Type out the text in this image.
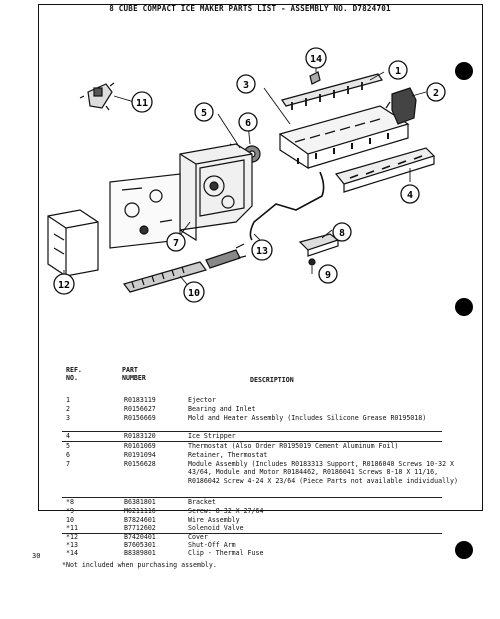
8 CUBE COMPACT ICE MAKER PARTS LIST - ASSEMBLY NO. D7824701
1
2
3
4
5
6
7
8
9
10
11
12
13
14
REF.
NO.
PART
NUMBER	DESCRIPTION
1	R0183119	Ejector
2	R0156627	Bearing and Inlet
3	R0156669	Mold and Heater Assembly (Includes Silicone Grease R0195018)
4	R0183120	Ice Stripper
5	R0161069	Thermostat (Also Order R0195019 Cement Aluminum Foil)
6	R0191094	Retainer, Thermostat
7	R0156628	Module Assembly (Includes R0183313 Support, R0186040 Screws 10-32 X 43/64, Module and Motor R0184462, R0186041 Screws 8-18 X 11/16, R0186042 Screw 4-24 X 23/64 (Piece Parts not available individually)
*8	B6381801	Bracket
*9	M0211116	Screw: 8-32 X 27/64
10	B7824601	Wire Assembly
*11	B7712602	Solenoid Valve
*12	B7420401	Cover
*13	B7605301	Shut-Off Arm
*14	B8389801	Clip - Thermal Fuse
30
*Not included when purchasing assembly.
